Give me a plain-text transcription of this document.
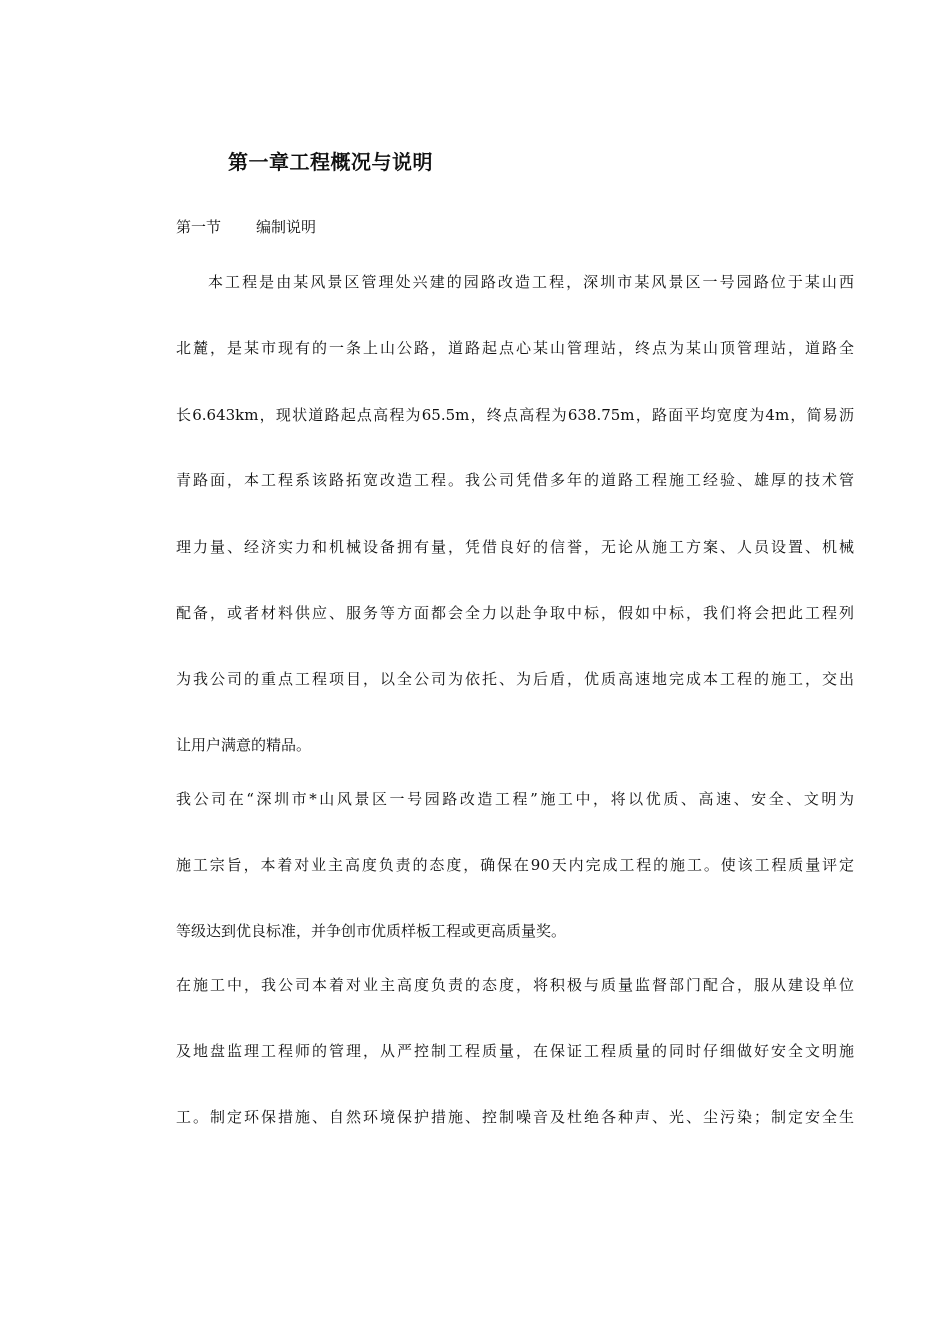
第一章工程概况与说明
第一节 编制说明
本工程是由某风景区管理处兴建的园路改造工程，深圳市某风景区一号园路位于某山西
北麓，是某市现有的一条上山公路，道路起点心某山管理站，终点为某山顶管理站，道路全
长6.643km，现状道路起点高程为65.5m，终点高程为638.75m，路面平均宽度为4m，简易沥
青路面，本工程系该路拓宽改造工程。我公司凭借多年的道路工程施工经验、雄厚的技术管
理力量、经济实力和机械设备拥有量，凭借良好的信誉，无论从施工方案、人员设置、机械
配备，或者材料供应、服务等方面都会全力以赴争取中标，假如中标，我们将会把此工程列
为我公司的重点工程项目，以全公司为依托、为后盾，优质高速地完成本工程的施工，交出
让用户满意的精品。
我公司在“深圳市*山风景区一号园路改造工程”施工中，将以优质、高速、安全、文明为
施工宗旨，本着对业主高度负责的态度，确保在90天内完成工程的施工。使该工程质量评定
等级达到优良标准，并争创市优质样板工程或更高质量奖。
在施工中，我公司本着对业主高度负责的态度，将积极与质量监督部门配合，服从建设单位
及地盘监理工程师的管理，从严控制工程质量，在保证工程质量的同时仔细做好安全文明施
工。制定环保措施、自然环境保护措施、控制噪音及杜绝各种声、光、尘污染；制定安全生
